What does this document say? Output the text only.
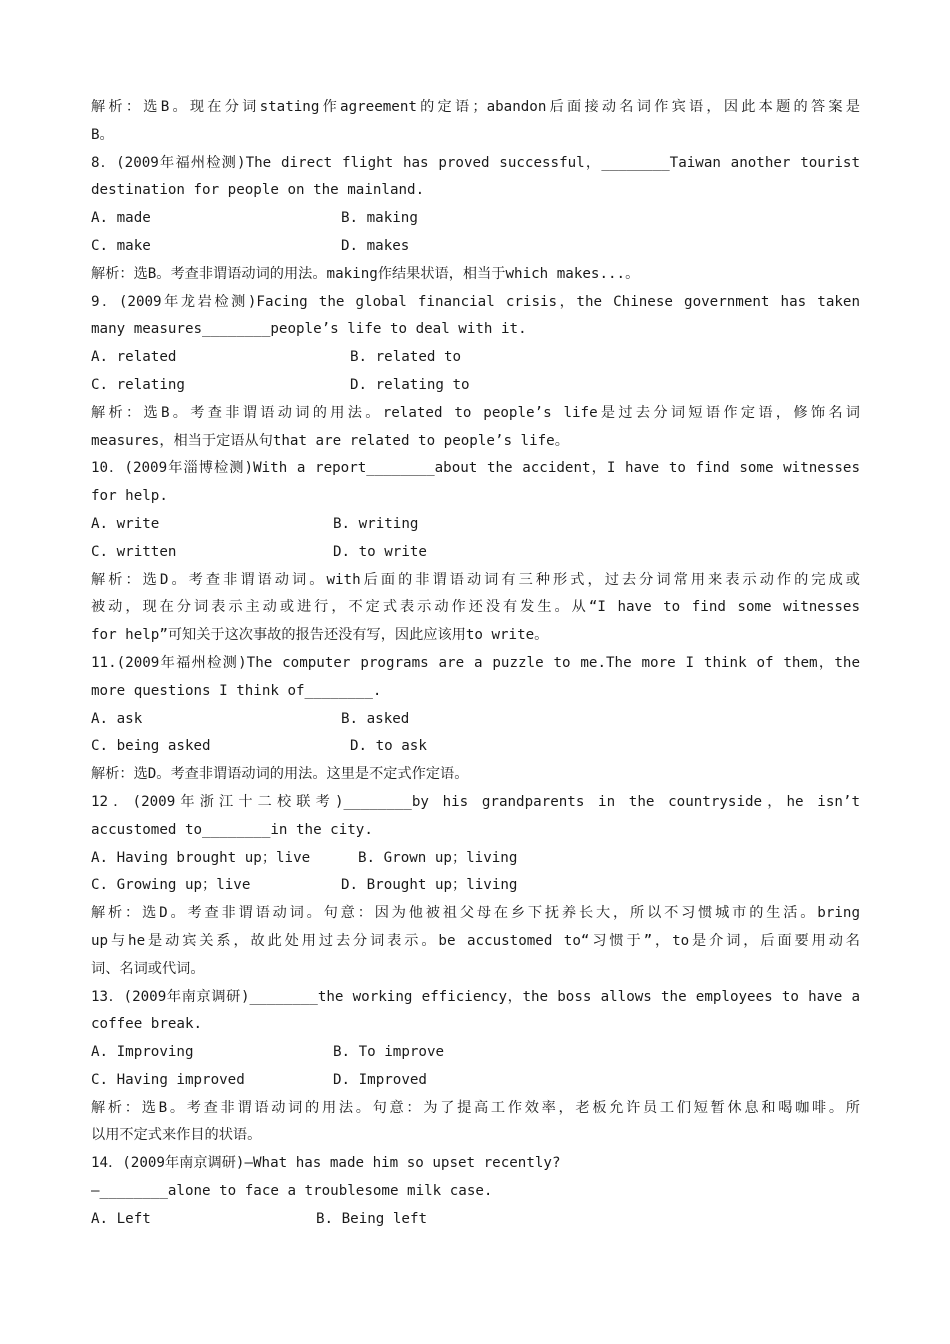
解析：选B。现在分词stating作agreement的定语；abandon后面接动名词作宾语，因此本题的答案是
B。
8．(2009年福州检测)The direct flight has proved successful，________Taiwan another tourist
destination for people on the mainland.
A. made	B. making
C. make	D. makes
解析：选B。考查非谓语动词的用法。making作结果状语，相当于which makes...。
9．(2009年龙岩检测)Facing the global financial crisis，the Chinese government has taken
many measures________people’s life to deal with it.
A. related	B. related to
C. relating	D. relating to
解析：选B。考查非谓语动词的用法。related to people’s life是过去分词短语作定语，修饰名词
measures，相当于定语从句that are related to people’s life。
10．(2009年淄博检测)With a report________about the accident，I have to find some witnesses
for help.
A. write	B. writing
C. written	D. to write
解析：选D。考查非谓语动词。with后面的非谓语动词有三种形式，过去分词常用来表示动作的完成或
被动，现在分词表示主动或进行，不定式表示动作还没有发生。从“I have to find some witnesses
for help”可知关于这次事故的报告还没有写，因此应该用to write。
11.(2009年福州检测)The computer programs are a puzzle to me.The more I think of them，the
more questions I think of________.
A. ask	B. asked
C. being asked	D. to ask
解析：选D。考查非谓语动词的用法。这里是不定式作定语。
12．(2009年浙江十二校联考)________by his grandparents in the countryside，he isn’t
accustomed to________in the city.
A. Having brought up；live	B. Grown up；living
C. Growing up；live	D. Brought up；living
解析：选D。考查非谓语动词。句意：因为他被祖父母在乡下抚养长大，所以不习惯城市的生活。bring
up与he是动宾关系，故此处用过去分词表示。be accustomed to“习惯于”，to是介词，后面要用动名
词、名词或代词。
13．(2009年南京调研)________the working efficiency，the boss allows the employees to have a
coffee break.
A. Improving	B. To improve
C. Having improved	D. Improved
解析：选B。考查非谓语动词的用法。句意：为了提高工作效率，老板允许员工们短暂休息和喝咖啡。所
以用不定式来作目的状语。
14．(2009年南京调研)—What has made him so upset recently?
—________alone to face a troublesome milk case.
A. Left	B. Being left
